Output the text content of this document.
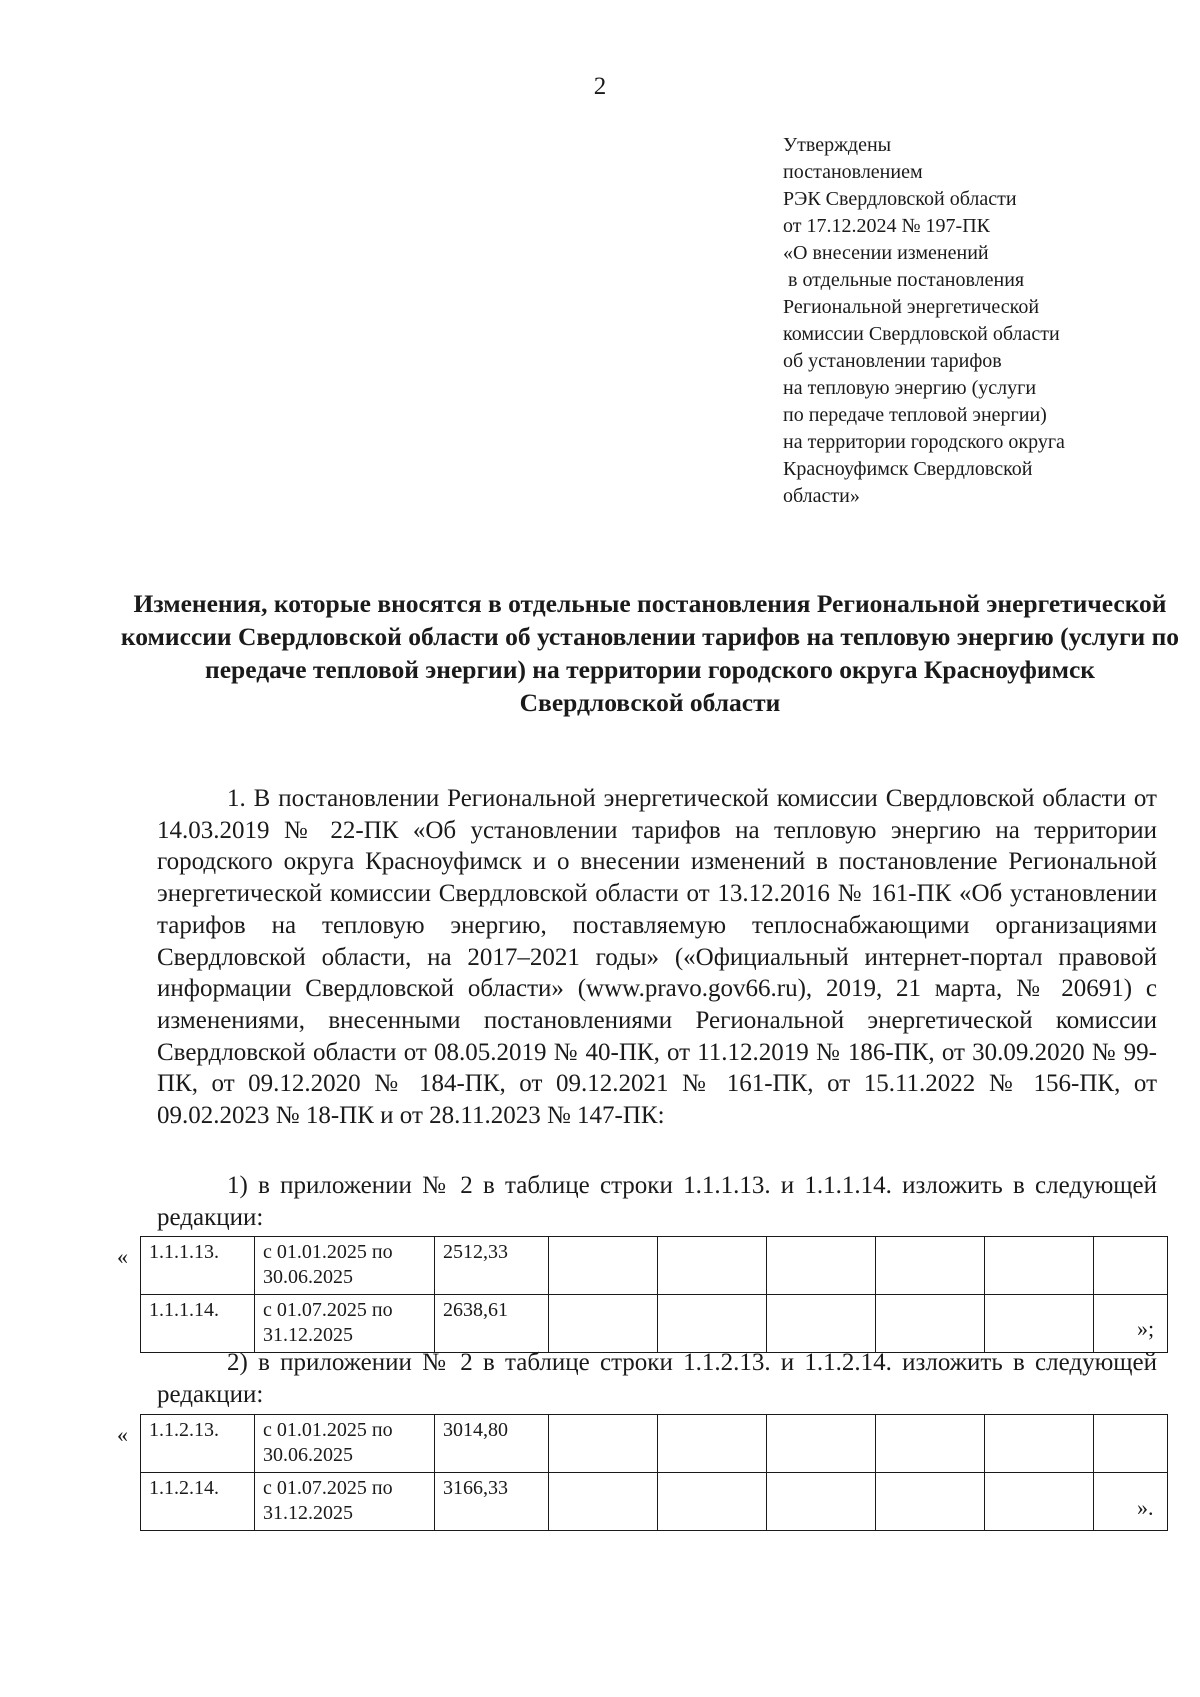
2
Утверждены
постановлением
РЭК Свердловской области
от 17.12.2024 № 197-ПК
«О внесении изменений
в отдельные постановления
Региональной энергетической
комиссии Свердловской области
об установлении тарифов
на тепловую энергию (услуги
по передаче тепловой энергии)
на территории городского округа
Красноуфимск Свердловской
области»
Изменения, которые вносятся в отдельные постановления Региональной энергетической комиссии Свердловской области об установлении тарифов на тепловую энергию (услуги по передаче тепловой энергии) на территории городского округа Красноуфимск Свердловской области

1. В постановлении Региональной энергетической комиссии Свердловской области от 14.03.2019 № 22-ПК «Об установлении тарифов на тепловую энергию на территории городского округа Красноуфимск и о внесении изменений в постановление Региональной энергетической комиссии Свердловской области от 13.12.2016 № 161-ПК «Об установлении тарифов на тепловую энергию, поставляемую теплоснабжающими организациями Свердловской области, на 2017–2021 годы» («Официальный интернет-портал правовой информации Свердловской области» (www.pravo.gov66.ru), 2019, 21 марта, № 20691) с изменениями, внесенными постановлениями Региональной энергетической комиссии Свердловской области от 08.05.2019 № 40-ПК, от 11.12.2019 № 186-ПК, от 30.09.2020 № 99-ПК, от 09.12.2020 № 184-ПК, от 09.12.2021 № 161-ПК, от 15.11.2022 № 156-ПК, от 09.02.2023 № 18-ПК и от 28.11.2023 № 147-ПК:

1) в приложении № 2 в таблице строки 1.1.1.13. и 1.1.1.14. изложить в следующей редакции:

« 1.1.1.13.	с 01.01.2025 по 30.06.2025	2512,33						
1.1.1.14.	с 01.07.2025 по 31.12.2025	2638,61						
»;

2) в приложении № 2 в таблице строки 1.1.2.13. и 1.1.2.14. изложить в следующей редакции:

« 1.1.2.13.	с 01.01.2025 по 30.06.2025	3014,80						
1.1.2.14.	с 01.07.2025 по 31.12.2025	3166,33						
».
